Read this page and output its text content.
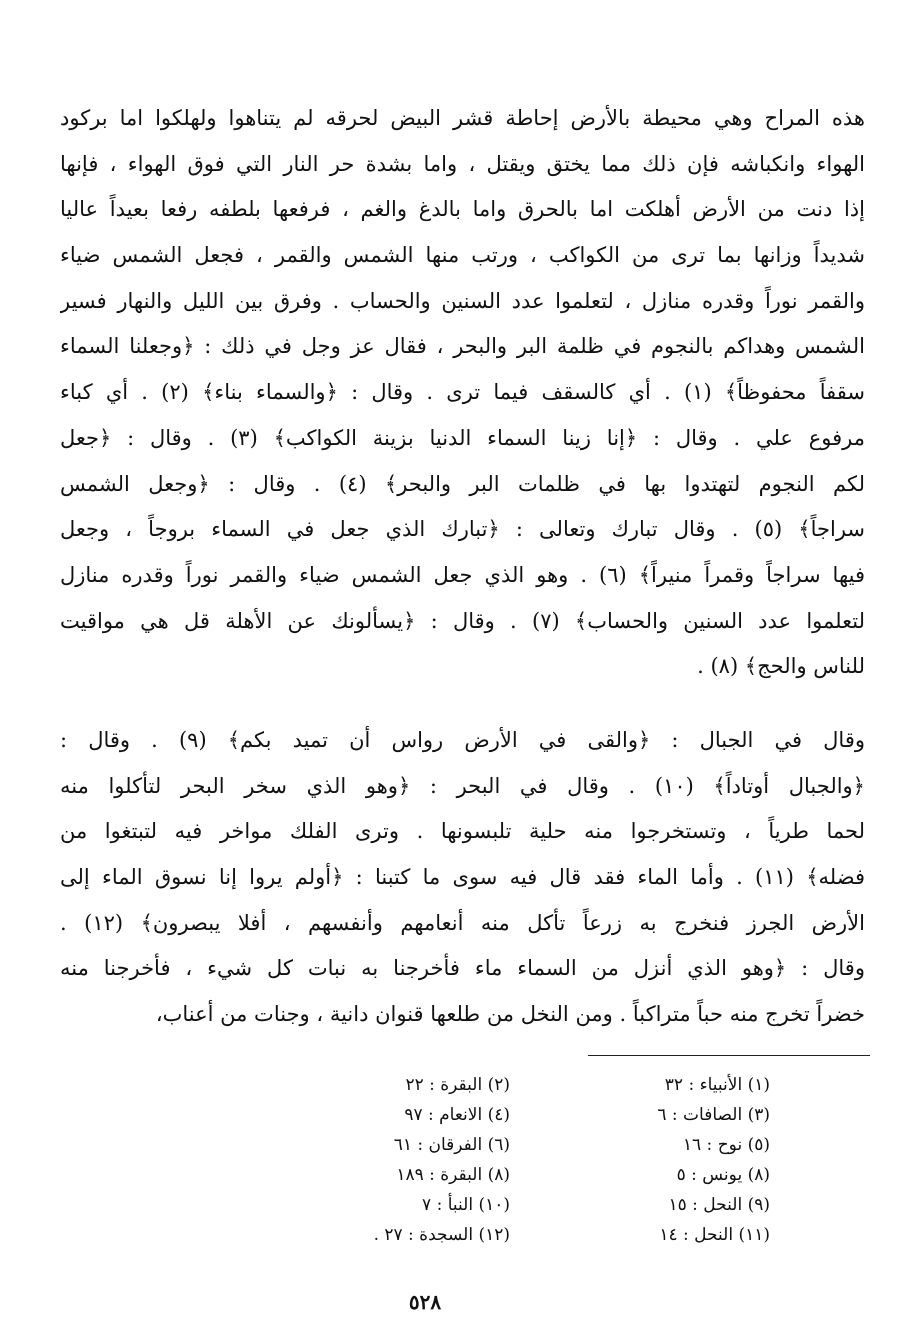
هذه المراح وهي محيطة بالأرض إحاطة قشر البيض لحرقه لم يتناهوا ولهلكوا اما بركود
الهواء وانكباشه فإن ذلك مما يختق ويقتل ، واما بشدة حر النار التي فوق الهواء ، فإنها
إذا دنت من الأرض أهلكت اما بالحرق واما بالدغ والغم ، فرفعها بلطفه رفعا بعيداً عاليا
شديداً وزانها بما ترى من الكواكب ، ورتب منها الشمس والقمر ، فجعل الشمس ضياء
والقمر نوراً وقدره منازل ، لتعلموا عدد السنين والحساب . وفرق بين الليل والنهار فسير
الشمس وهداكم بالنجوم في ظلمة البر والبحر ، فقال عز وجل في ذلك : ﴿وجعلنا السماء
سقفاً محفوظاً﴾ (١) . أي كالسقف فيما ترى . وقال : ﴿والسماء بناء﴾ (٢) . أي كباء
مرفوع علي . وقال : ﴿إنا زينا السماء الدنيا بزينة الكواكب﴾ (٣) . وقال : ﴿جعل
لكم النجوم لتهتدوا بها في ظلمات البر والبحر﴾ (٤) . وقال : ﴿وجعل الشمس
سراجاً﴾ (٥) . وقال تبارك وتعالى : ﴿تبارك الذي جعل في السماء بروجاً ، وجعل
فيها سراجاً وقمراً منيراً﴾ (٦) . وهو الذي جعل الشمس ضياء والقمر نوراً وقدره منازل
لتعلموا عدد السنين والحساب﴾ (٧) . وقال : ﴿يسألونك عن الأهلة قل هي مواقيت
للناس والحج﴾ (٨) .
وقال في الجبال : ﴿والقى في الأرض رواس أن تميد بكم﴾ (٩) . وقال :
﴿والجبال أوتاداً﴾ (١٠) . وقال في البحر : ﴿وهو الذي سخر البحر لتأكلوا منه
لحما طرياً ، وتستخرجوا منه حلية تلبسونها . وترى الفلك مواخر فيه لتبتغوا من
فضله﴾ (١١) . وأما الماء فقد قال فيه سوى ما كتبنا : ﴿أولم يروا إنا نسوق الماء إلى
الأرض الجرز فنخرج به زرعاً تأكل منه أنعامهم وأنفسهم ، أفلا يبصرون﴾ (١٢) .
وقال : ﴿وهو الذي أنزل من السماء ماء فأخرجنا به نبات كل شيء ، فأخرجنا منه
خضراً تخرج منه حباً متراكباً . ومن النخل من طلعها قنوان دانية ، وجنات من أعناب،
(١) الأنبياء : ٣٢
(٣) الصافات : ٦
(٥) نوح : ١٦
(٨) يونس : ٥
(٩) النحل : ١٥
(١١) النحل : ١٤
(٢) البقرة : ٢٢
(٤) الانعام : ٩٧
(٦) الفرقان : ٦١
(٨) البقرة : ١٨٩
(١٠) النبأ : ٧
(١٢) السجدة : ٢٧ .
٥٢٨
